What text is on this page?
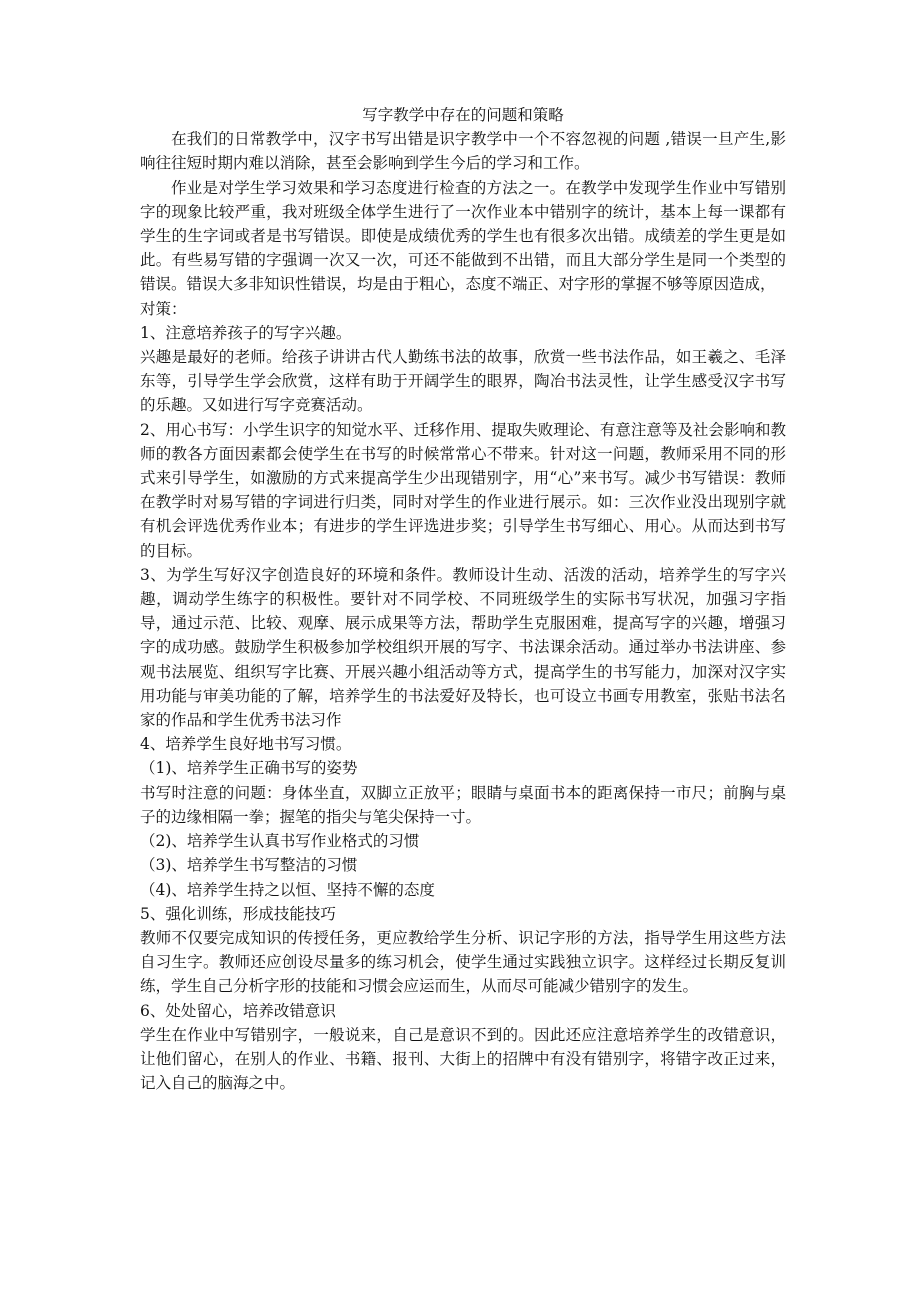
写字教学中存在的问题和策略

在我们的日常教学中，汉字书写出错是识字教学中一个不容忽视的问题 ,错误一旦产生,影响往往短时期内难以消除，甚至会影响到学生今后的学习和工作。

作业是对学生学习效果和学习态度进行检查的方法之一。在教学中发现学生作业中写错别字的现象比较严重，我对班级全体学生进行了一次作业本中错别字的统计，基本上每一课都有学生的生字词或者是书写错误。即使是成绩优秀的学生也有很多次出错。成绩差的学生更是如此。有些易写错的字强调一次又一次，可还不能做到不出错，而且大部分学生是同一个类型的错误。错误大多非知识性错误，均是由于粗心，态度不端正、对字形的掌握不够等原因造成，

对策：

1、注意培养孩子的写字兴趣。

兴趣是最好的老师。给孩子讲讲古代人勤练书法的故事，欣赏一些书法作品，如王羲之、毛泽东等，引导学生学会欣赏，这样有助于开阔学生的眼界，陶冶书法灵性，让学生感受汉字书写的乐趣。又如进行写字竞赛活动。

2、用心书写：小学生识字的知觉水平、迁移作用、提取失败理论、有意注意等及社会影响和教师的教各方面因素都会使学生在书写的时候常常心不带来。针对这一问题，教师采用不同的形式来引导学生，如激励的方式来提高学生少出现错别字，用“心”来书写。减少书写错误：教师在教学时对易写错的字词进行归类，同时对学生的作业进行展示。如：三次作业没出现别字就有机会评选优秀作业本；有进步的学生评选进步奖；引导学生书写细心、用心。从而达到书写的目标。

3、为学生写好汉字创造良好的环境和条件。教师设计生动、活泼的活动，培养学生的写字兴趣，调动学生练字的积极性。要针对不同学校、不同班级学生的实际书写状况，加强习字指导，通过示范、比较、观摩、展示成果等方法，帮助学生克服困难，提高写字的兴趣，增强习字的成功感。鼓励学生积极参加学校组织开展的写字、书法课余活动。通过举办书法讲座、参观书法展览、组织写字比赛、开展兴趣小组活动等方式，提高学生的书写能力，加深对汉字实用功能与审美功能的了解，培养学生的书法爱好及特长，也可设立书画专用教室，张贴书法名家的作品和学生优秀书法习作

4、培养学生良好地书写习惯。

（1)、培养学生正确书写的姿势

书写时注意的问题：身体坐直，双脚立正放平；眼睛与桌面书本的距离保持一市尺；前胸与桌子的边缘相隔一拳；握笔的指尖与笔尖保持一寸。

（2)、培养学生认真书写作业格式的习惯

（3)、培养学生书写整洁的习惯

（4)、培养学生持之以恒、坚持不懈的态度

5、强化训练，形成技能技巧

教师不仅要完成知识的传授任务，更应教给学生分析、识记字形的方法，指导学生用这些方法自习生字。教师还应创设尽量多的练习机会，使学生通过实践独立识字。这样经过长期反复训练，学生自己分析字形的技能和习惯会应运而生，从而尽可能减少错别字的发生。

6、处处留心，培养改错意识

学生在作业中写错别字，一般说来，自己是意识不到的。因此还应注意培养学生的改错意识，让他们留心，在别人的作业、书籍、报刊、大街上的招牌中有没有错别字，将错字改正过来，记入自己的脑海之中。
